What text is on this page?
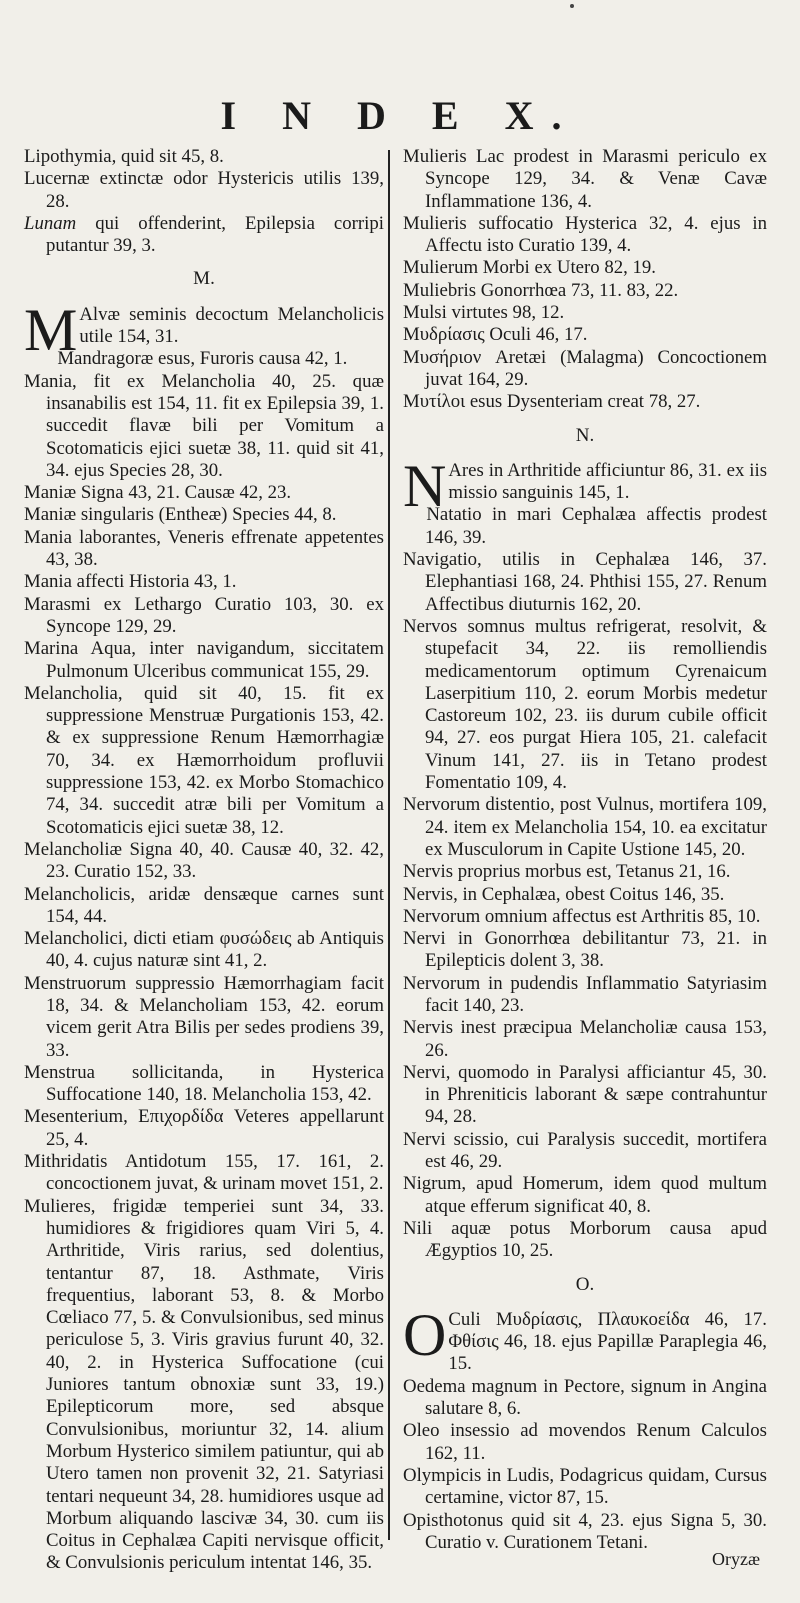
I N D E X.

Lipothymia, quid sit 45, 8.

Lucernæ extinctæ odor Hystericis utilis 139, 28.

Lunam qui offenderint, Epilepsia corripi putantur 39, 3.

M.

M Alvæ seminis decoctum Melancholicis utile 154, 31.

Mandragoræ esus, Furoris causa 42, 1.

Mania, fit ex Melancholia 40, 25. quæ insanabilis est 154, 11. fit ex Epilepsia 39, 1. succedit flavæ bili per Vomitum a Scotomaticis ejici suetæ 38, 11. quid sit 41, 34. ejus Species 28, 30.

Maniæ Signa 43, 21. Causæ 42, 23.

Maniæ singularis (Entheæ) Species 44, 8.

Mania laborantes, Veneris effrenate appetentes 43, 38.

Mania affecti Historia 43, 1.

Marasmi ex Lethargo Curatio 103, 30. ex Syncope 129, 29.

Marina Aqua, inter navigandum, siccitatem Pulmonum Ulceribus communicat 155, 29.

Melancholia, quid sit 40, 15. fit ex suppressione Menstruæ Purgationis 153, 42. & ex suppressione Renum Hæmorrhagiæ 70, 34. ex Hæmorrhoidum profluvii suppressione 153, 42. ex Morbo Stomachico 74, 34. succedit atræ bili per Vomitum a Scotomaticis ejici suetæ 38, 12.

Melancholiæ Signa 40, 40. Causæ 40, 32. 42, 23. Curatio 152, 33.

Melancholicis, aridæ densæque carnes sunt 154, 44.

Melancholici, dicti etiam φυσώδεις ab Antiquis 40, 4. cujus naturæ sint 41, 2.

Menstruorum suppressio Hæmorrhagiam facit 18, 34. & Melancholiam 153, 42. eorum vicem gerit Atra Bilis per sedes prodiens 39, 33.

Menstrua sollicitanda, in Hysterica Suffocatione 140, 18. Melancholia 153, 42.

Mesenterium, Επιχορδίδα Veteres appellarunt 25, 4.

Mithridatis Antidotum 155, 17. 161, 2. concoctionem juvat, & urinam movet 151, 2.

Mulieres, frigidæ temperiei sunt 34, 33. humidiores & frigidiores quam Viri 5, 4. Arthritide, Viris rarius, sed dolentius, tentantur 87, 18. Asthmate, Viris frequentius, laborant 53, 8. & Morbo Cœliaco 77, 5. & Convulsionibus, sed minus periculose 5, 3. Viris gravius furunt 40, 32. 40, 2. in Hysterica Suffocatione (cui Juniores tantum obnoxiæ sunt 33, 19.) Epilepticorum more, sed absque Convulsionibus, moriuntur 32, 14. alium Morbum Hysterico similem patiuntur, qui ab Utero tamen non provenit 32, 21. Satyriasi tentari nequeunt 34, 28. humidiores usque ad Morbum aliquando lascivæ 34, 30. cum iis Coitus in Cephalæa Capiti nervisque officit, & Convulsionis periculum intentat 146, 35.

Mulieris Lac prodest in Marasmi periculo ex Syncope 129, 34. & Venæ Cavæ Inflammatione 136, 4.

Mulieris suffocatio Hysterica 32, 4. ejus in Affectu isto Curatio 139, 4.

Mulierum Morbi ex Utero 82, 19.

Muliebris Gonorrhœa 73, 11. 83, 22.

Mulsi virtutes 98, 12.

Μυδρίασις Oculi 46, 17.

Μυσήριον Aretæi (Malagma) Concoctionem juvat 164, 29.

Μυτίλοι esus Dysenteriam creat 78, 27.

N.

N Ares in Arthritide afficiuntur 86, 31. ex iis missio sanguinis 145, 1.

Natatio in mari Cephalæa affectis prodest 146, 39.

Navigatio, utilis in Cephalæa 146, 37. Elephantiasi 168, 24. Phthisi 155, 27. Renum Affectibus diuturnis 162, 20.

Nervos somnus multus refrigerat, resolvit, & stupefacit 34, 22. iis remolliendis medicamentorum optimum Cyrenaicum Laserpitium 110, 2. eorum Morbis medetur Castoreum 102, 23. iis durum cubile officit 94, 27. eos purgat Hiera 105, 21. calefacit Vinum 141, 27. iis in Tetano prodest Fomentatio 109, 4.

Nervorum distentio, post Vulnus, mortifera 109, 24. item ex Melancholia 154, 10. ea excitatur ex Musculorum in Capite Ustione 145, 20.

Nervis proprius morbus est, Tetanus 21, 16.

Nervis, in Cephalæa, obest Coitus 146, 35.

Nervorum omnium affectus est Arthritis 85, 10.

Nervi in Gonorrhœa debilitantur 73, 21. in Epilepticis dolent 3, 38.

Nervorum in pudendis Inflammatio Satyriasim facit 140, 23.

Nervis inest præcipua Melancholiæ causa 153, 26.

Nervi, quomodo in Paralysi afficiantur 45, 30. in Phreniticis laborant & sæpe contrahuntur 94, 28.

Nervi scissio, cui Paralysis succedit, mortifera est 46, 29.

Nigrum, apud Homerum, idem quod multum atque efferum significat 40, 8.

Nili aquæ potus Morborum causa apud Ægyptios 10, 25.

O.

O Culi Μυδρίασις, Πλαυκοείδα 46, 17. Φθίσις 46, 18. ejus Papillæ Paraplegia 46, 15.

Oedema magnum in Pectore, signum in Angina salutare 8, 6.

Oleo insessio ad movendos Renum Calculos 162, 11.

Olympicis in Ludis, Podagricus quidam, Cursus certamine, victor 87, 15.

Opisthotonus quid sit 4, 23. ejus Signa 5, 30. Curatio v. Curationem Tetani.

Oryzæ
